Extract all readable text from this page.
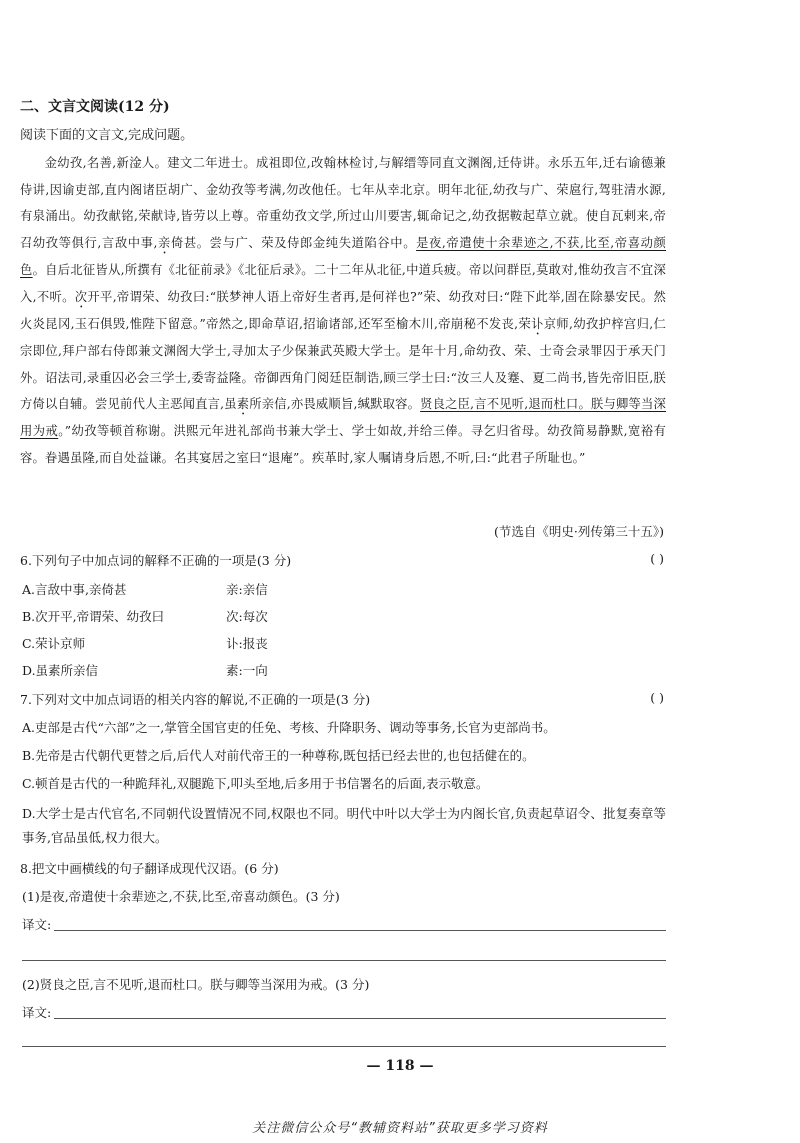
二、文言文阅读(12 分)
阅读下面的文言文,完成问题。
金幼孜,名善,新淦人。建文二年进士。成祖即位,改翰林检讨,与解缙等同直文渊阁,迁侍讲。永乐五年,迁右谕德兼侍讲,因谕吏部,直内阁诸臣胡广、金幼孜等考满,勿改他任。七年从幸北京。明年北征,幼孜与广、荣扈行,驾驻清水源,有泉涌出。幼孜献铭,荣献诗,皆劳以上尊。帝重幼孜文学,所过山川要害,辄命记之,幼孜据鞍起草立就。使自瓦剌来,帝召幼孜等俱行,言敌中事,亲倚甚。尝与广、荣及侍郎金纯失道陷谷中。是夜,帝遣使十余辈迹之,不获,比至,帝喜动颜色。自后北征皆从,所撰有《北征前录》《北征后录》。二十二年从北征,中道兵疲。帝以问群臣,莫敢对,惟幼孜言不宜深入,不听。次开平,帝谓荣、幼孜曰:“朕梦神人语上帝好生者再,是何祥也?”荣、幼孜对曰:“陛下此举,固在除暴安民。然火炎昆冈,玉石俱毁,惟陛下留意。”帝然之,即命草诏,招谕诸部,还军至榆木川,帝崩秘不发丧,荣讣京师,幼孜护梓宫归,仁宗即位,拜户部右侍郎兼文渊阁大学士,寻加太子少保兼武英殿大学士。是年十月,命幼孜、荣、士奇会录罪囚于承天门外。诏法司,录重囚必会三学士,委寄益隆。帝御西角门阅廷臣制诰,顾三学士曰:“汝三人及蹇、夏二尚书,皆先帝旧臣,朕方倚以自辅。尝见前代人主恶闻直言,虽素所亲信,亦畏威顺旨,缄默取容。贤良之臣,言不见听,退而杜口。朕与卿等当深用为戒。”幼孜等顿首称谢。洪熙元年进礼部尚书兼大学士、学士如故,并给三俸。寻乞归省母。幼孜简易静默,宽裕有容。眷遇虽隆,而自处益谦。名其宴居之室曰“退庵”。疾革时,家人嘱请身后恩,不听,曰:“此君子所耻也。”
(节选自《明史·列传第三十五》)
6.下列句子中加点词的解释不正确的一项是(3 分)	( )
A.言敌中事,亲倚甚	亲:亲信
B.次开平,帝谓荣、幼孜曰	次:每次
C.荣讣京师	讣:报丧
D.虽素所亲信	素:一向
7.下列对文中加点词语的相关内容的解说,不正确的一项是(3 分)	( )
A.吏部是古代“六部”之一,掌管全国官吏的任免、考核、升降职务、调动等事务,长官为吏部尚书。
B.先帝是古代朝代更替之后,后代人对前代帝王的一种尊称,既包括已经去世的,也包括健在的。
C.顿首是古代的一种跪拜礼,双腿跪下,叩头至地,后多用于书信署名的后面,表示敬意。
D.大学士是古代官名,不同朝代设置情况不同,权限也不同。明代中叶以大学士为内阁长官,负责起草诏令、批复奏章等事务,官品虽低,权力很大。
8.把文中画横线的句子翻译成现代汉语。(6 分)
(1)是夜,帝遣使十余辈迹之,不获,比至,帝喜动颜色。(3 分)
译文:
(2)贤良之臣,言不见听,退而杜口。朕与卿等当深用为戒。(3 分)
译文:
— 118 —
关注微信公众号“教辅资料站”获取更多学习资料
